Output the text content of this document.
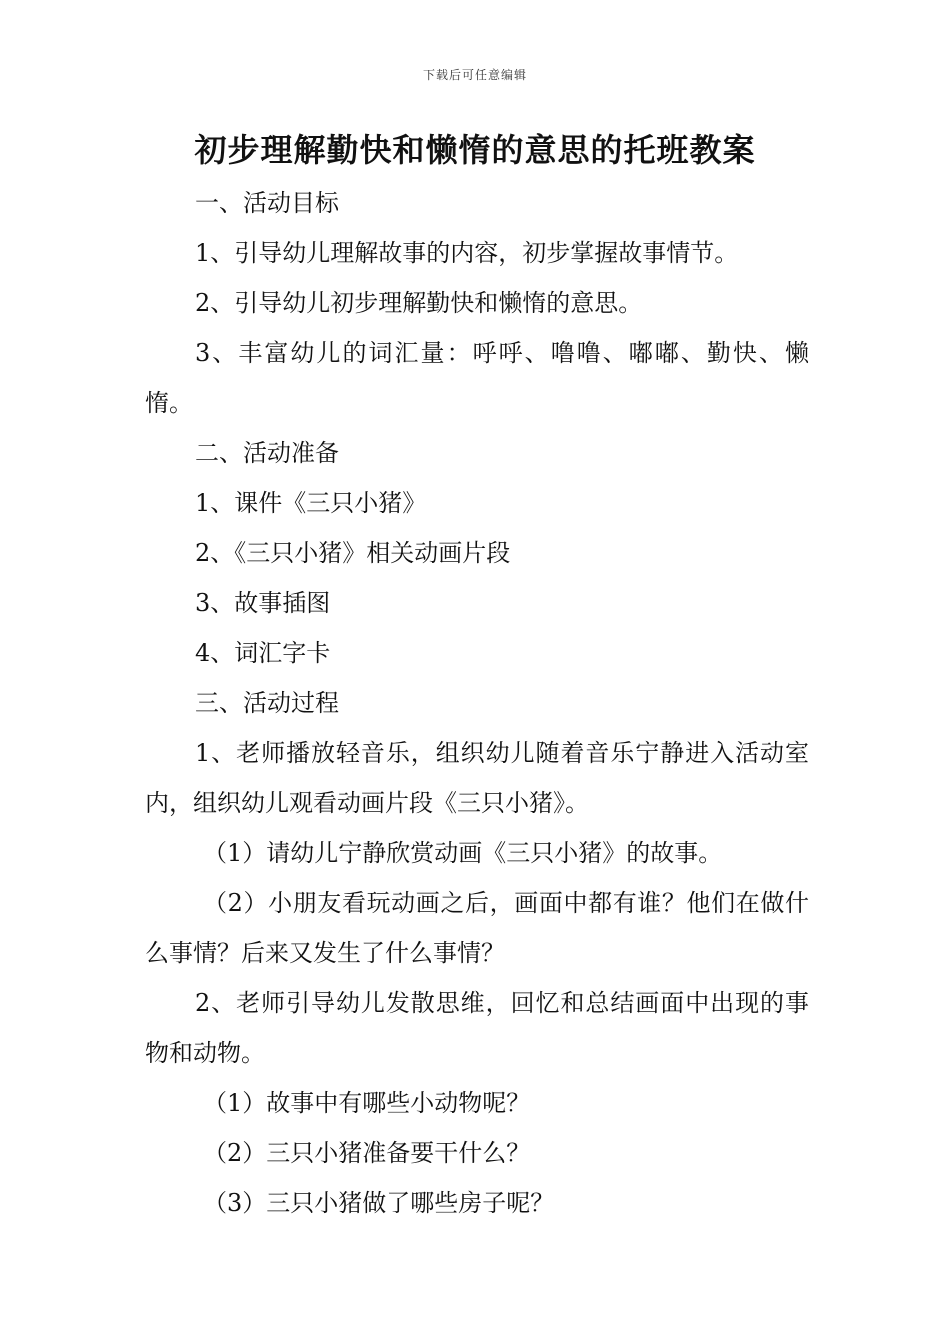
下载后可任意编辑
初步理解勤快和懒惰的意思的托班教案

一、活动目标

1、引导幼儿理解故事的内容，初步掌握故事情节。

2、引导幼儿初步理解勤快和懒惰的意思。

3、丰富幼儿的词汇量：呼呼、噜噜、嘟嘟、勤快、懒惰。

二、活动准备

1、课件《三只小猪》

2、《三只小猪》相关动画片段

3、故事插图

4、词汇字卡

三、活动过程

1、老师播放轻音乐，组织幼儿随着音乐宁静进入活动室内，组织幼儿观看动画片段《三只小猪》。

（1）请幼儿宁静欣赏动画《三只小猪》的故事。

（2）小朋友看玩动画之后，画面中都有谁？他们在做什么事情？后来又发生了什么事情？

2、老师引导幼儿发散思维，回忆和总结画面中出现的事物和动物。

（1）故事中有哪些小动物呢？

（2）三只小猪准备要干什么？

（3）三只小猪做了哪些房子呢？
